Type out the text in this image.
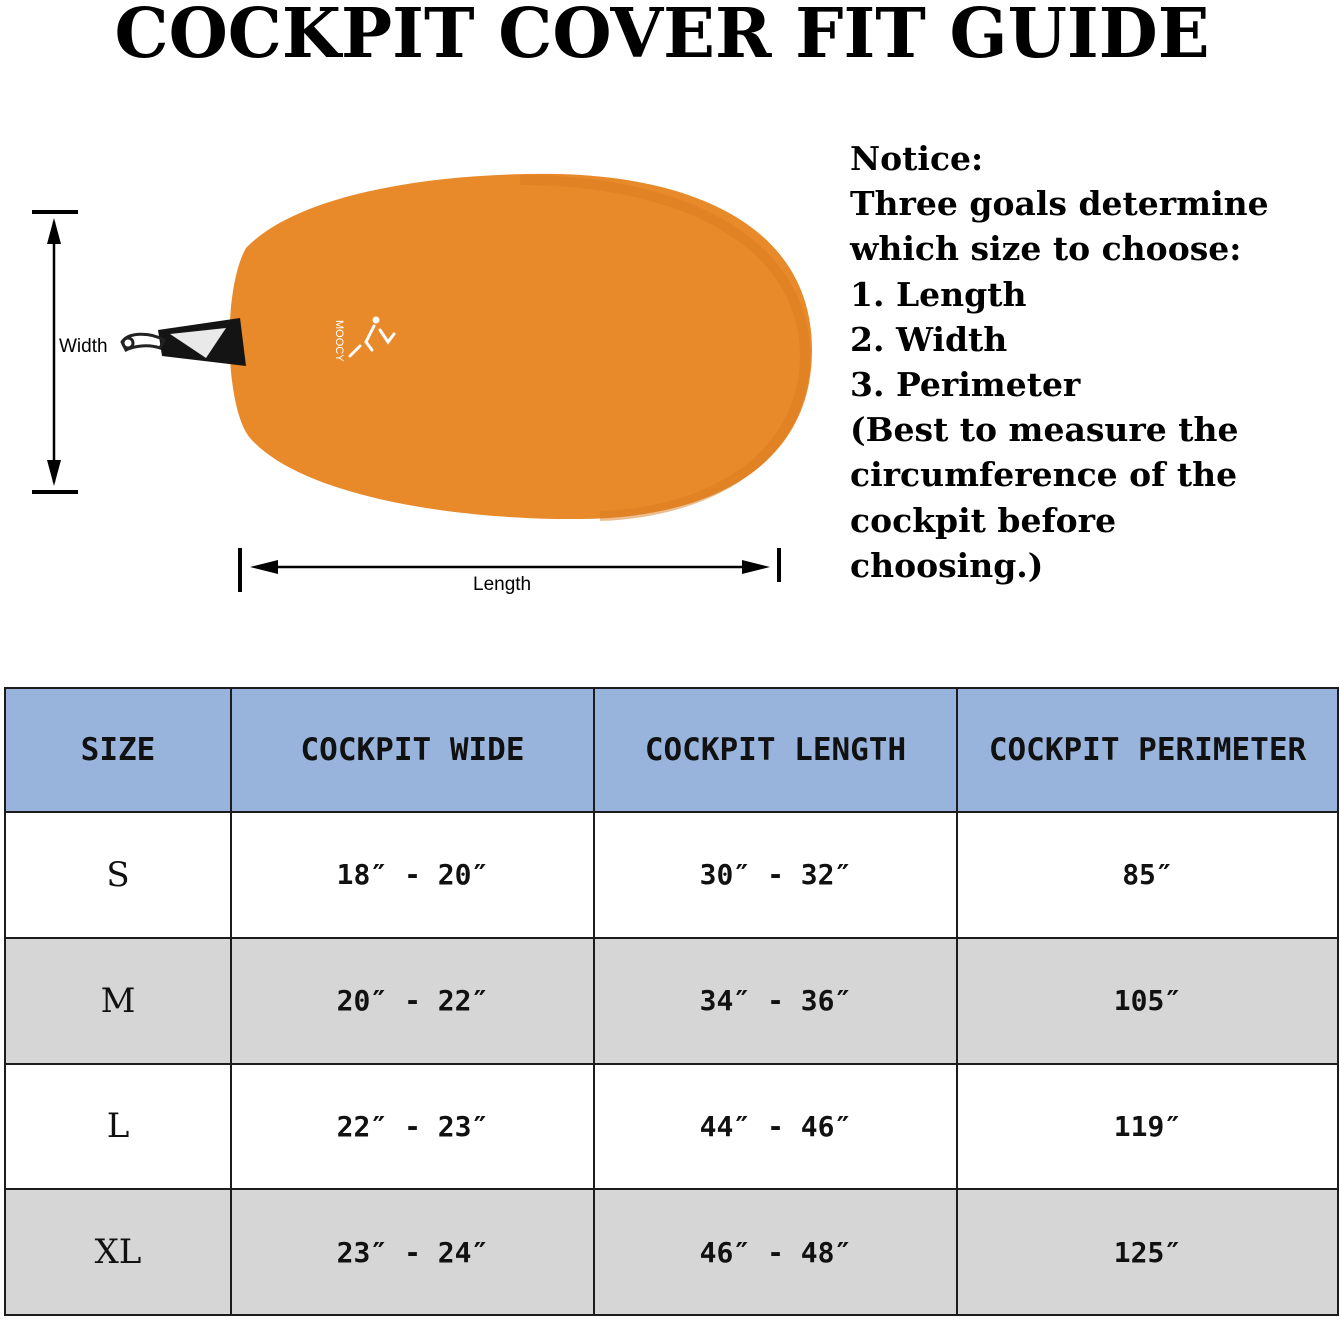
COCKPIT COVER FIT GUIDE
Width	MOOCY
Length
Notice:
Three goals determine
which size to choose:
1. Length
2. Width
3. Perimeter
(Best to measure the
circumference of the
cockpit before
choosing.)
SIZE	COCKPIT WIDE	COCKPIT LENGTH	COCKPIT PERIMETER
S	18″ - 20″	30″ - 32″	85″
M	20″ - 22″	34″ - 36″	105″
L	22″ - 23″	44″ - 46″	119″
XL	23″ - 24″	46″ - 48″	125″
